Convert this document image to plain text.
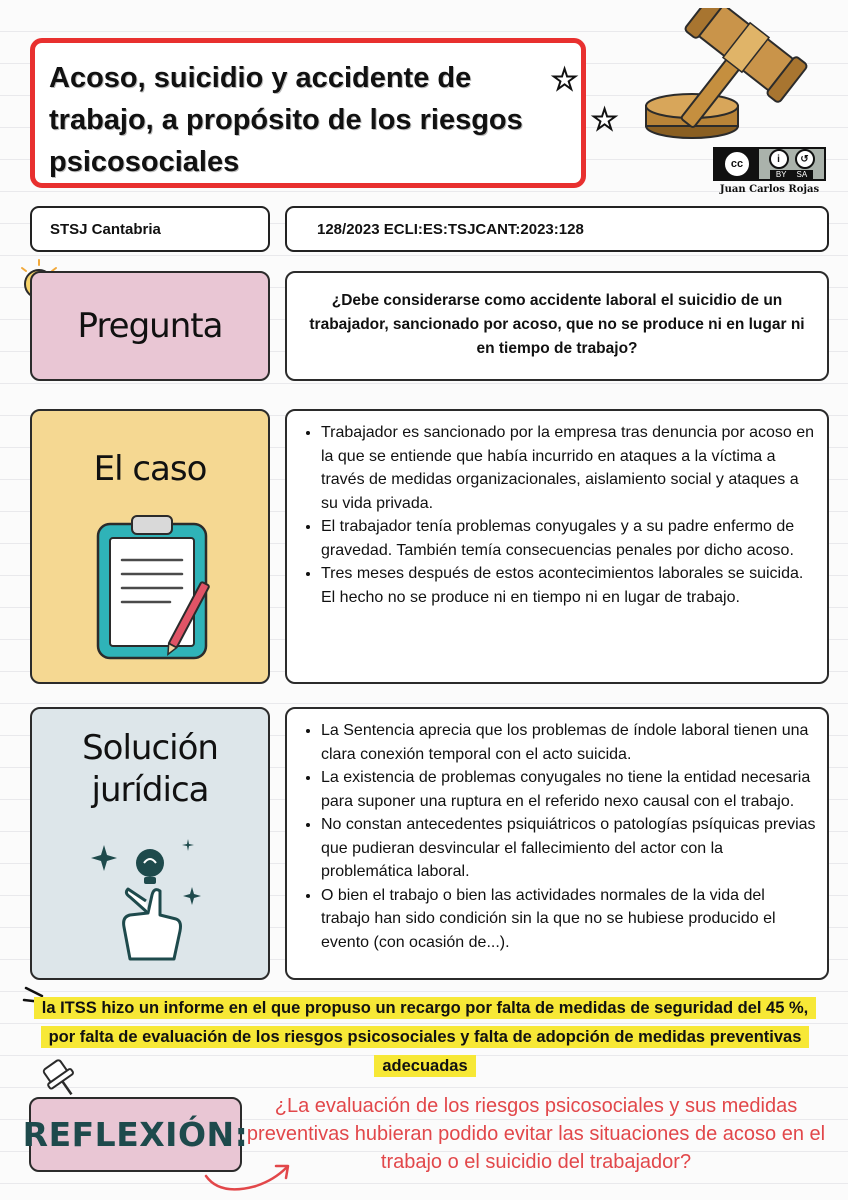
Acoso, suicidio y accidente de trabajo, a propósito de los riesgos psicosociales
★
★
cc	i	↺
BY SA
Juan Carlos Rojas
STSJ Cantabria	128/2023 ECLI:ES:TSJCANT:2023:128
Pregunta
¿Debe considerarse como accidente laboral el suicidio de un trabajador, sancionado por acoso, que no se produce ni en lugar ni en tiempo de trabajo?
El caso
• Trabajador es sancionado por la empresa tras denuncia por acoso en la que se entiende que había incurrido en ataques a la víctima a través de medidas organizacionales, aislamiento social y ataques a su vida privada.
• El trabajador tenía problemas conyugales y a su padre enfermo de gravedad. También temía consecuencias penales por dicho acoso.
• Tres meses después de estos acontecimientos laborales se suicida. El hecho no se produce ni en tiempo ni en lugar de trabajo.
Solución
jurídica
• La Sentencia aprecia que los problemas de índole laboral tienen una clara conexión temporal con el acto suicida.
• La existencia de problemas conyugales no tiene la entidad necesaria para suponer una ruptura en el referido nexo causal con el trabajo.
• No constan antecedentes psiquiátricos o patologías psíquicas previas que pudieran desvincular el fallecimiento del actor con la problemática laboral.
• O bien el trabajo o bien las actividades normales de la vida del trabajo han sido condición sin la que no se hubiese producido el evento (con ocasión de...).
la ITSS hizo un informe en el que propuso un recargo por falta de medidas de seguridad del 45 %, por falta de evaluación de los riesgos psicosociales y falta de adopción de medidas preventivas adecuadas
REFLEXIÓN:
¿La evaluación de los riesgos psicosociales y sus medidas preventivas hubieran podido evitar las situaciones de acoso en el trabajo o el suicidio del trabajador?
